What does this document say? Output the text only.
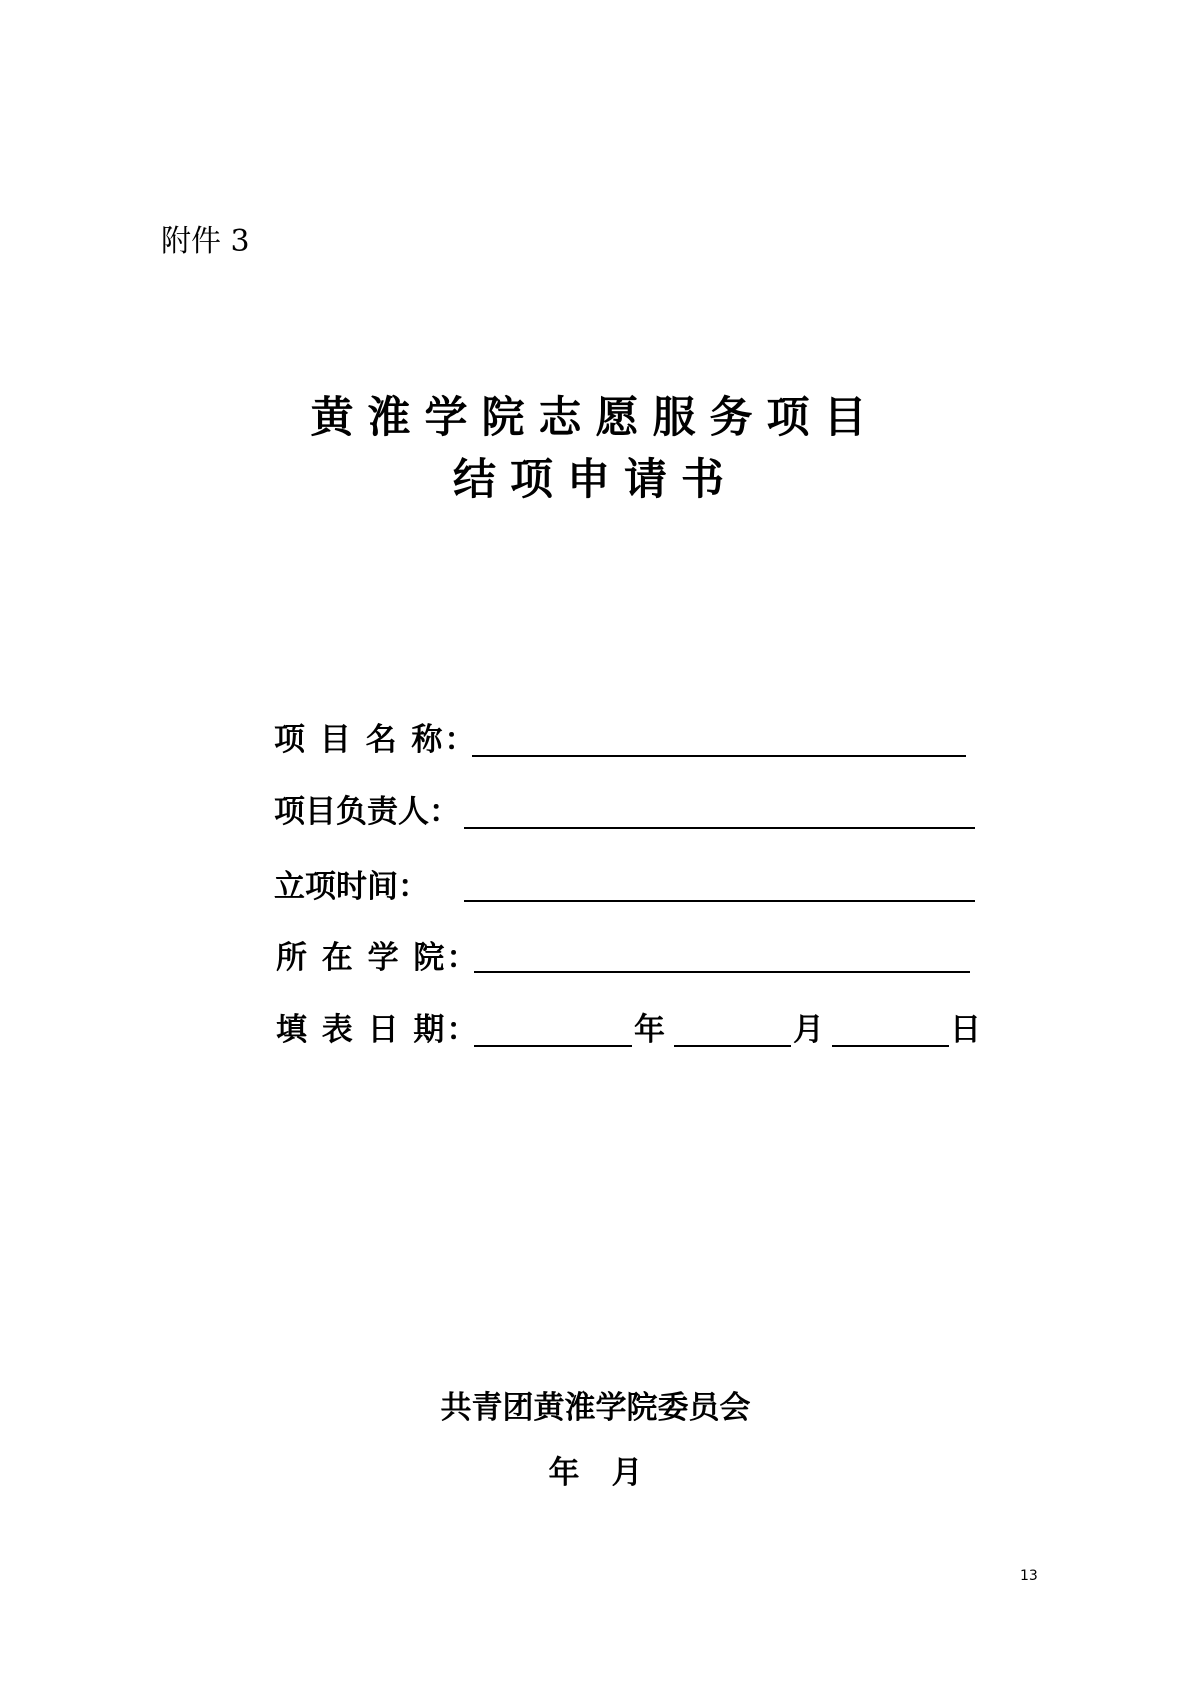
附件 3
黄淮学院志愿服务项目
结项申请书
项 目 名 称：
项目负责人：
立项时间：
所 在 学 院：
填 表 日 期：	年	月	日
共青团黄淮学院委员会
年 月
13
